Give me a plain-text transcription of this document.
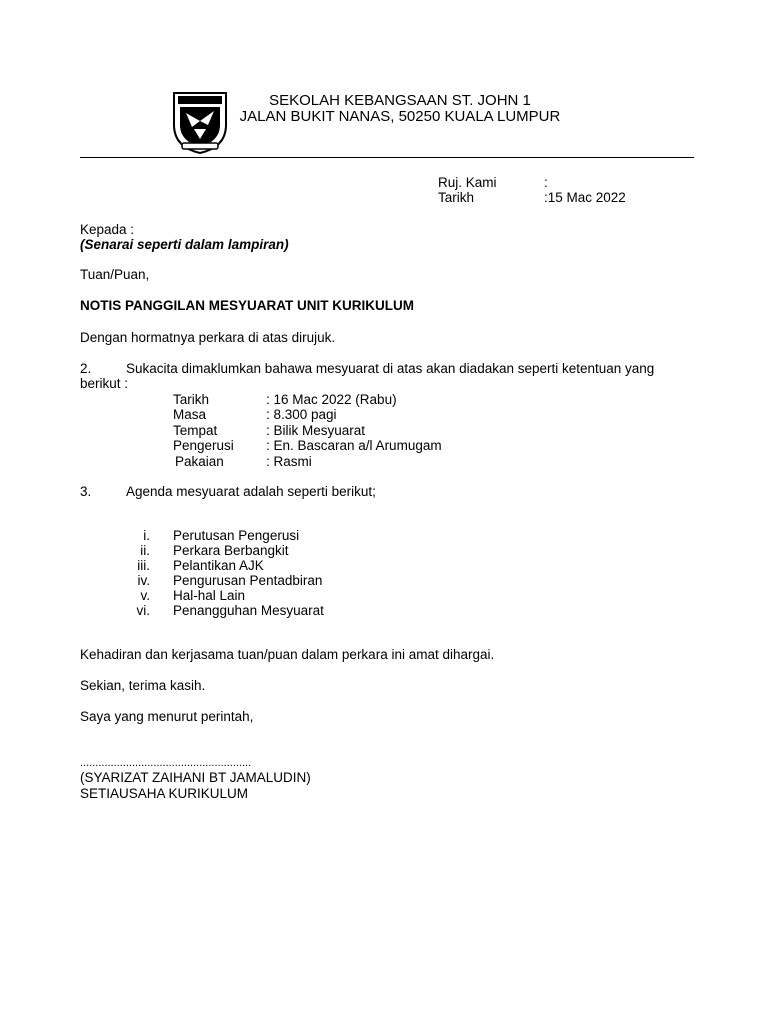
SEKOLAH KEBANGSAAN ST. JOHN 1
JALAN BUKIT NANAS, 50250 KUALA LUMPUR
Ruj. Kami	:
Tarikh	:15 Mac 2022
Kepada :
(Senarai seperti dalam lampiran)
Tuan/Puan,
NOTIS PANGGILAN MESYUARAT UNIT KURIKULUM
Dengan hormatnya perkara di atas dirujuk.
2.	Sukacita dimaklumkan bahawa mesyuarat di atas akan diadakan seperti ketentuan yang
berikut :
Tarikh	: 16 Mac 2022 (Rabu)
Masa	: 8.300 pagi
Tempat	: Bilik Mesyuarat
Pengerusi : En. Bascaran a/l Arumugam
Pakaian	: Rasmi
3.	Agenda mesyuarat adalah seperti berikut;
i. Perutusan Pengerusi
ii. Perkara Berbangkit
iii. Pelantikan AJK
iv. Pengurusan Pentadbiran
v. Hal-hal Lain
vi. Penangguhan Mesyuarat
Kehadiran dan kerjasama tuan/puan dalam perkara ini amat dihargai.
Sekian, terima kasih.
Saya yang menurut perintah,
........................................................
(SYARIZAT ZAIHANI BT JAMALUDIN)
SETIAUSAHA KURIKULUM
